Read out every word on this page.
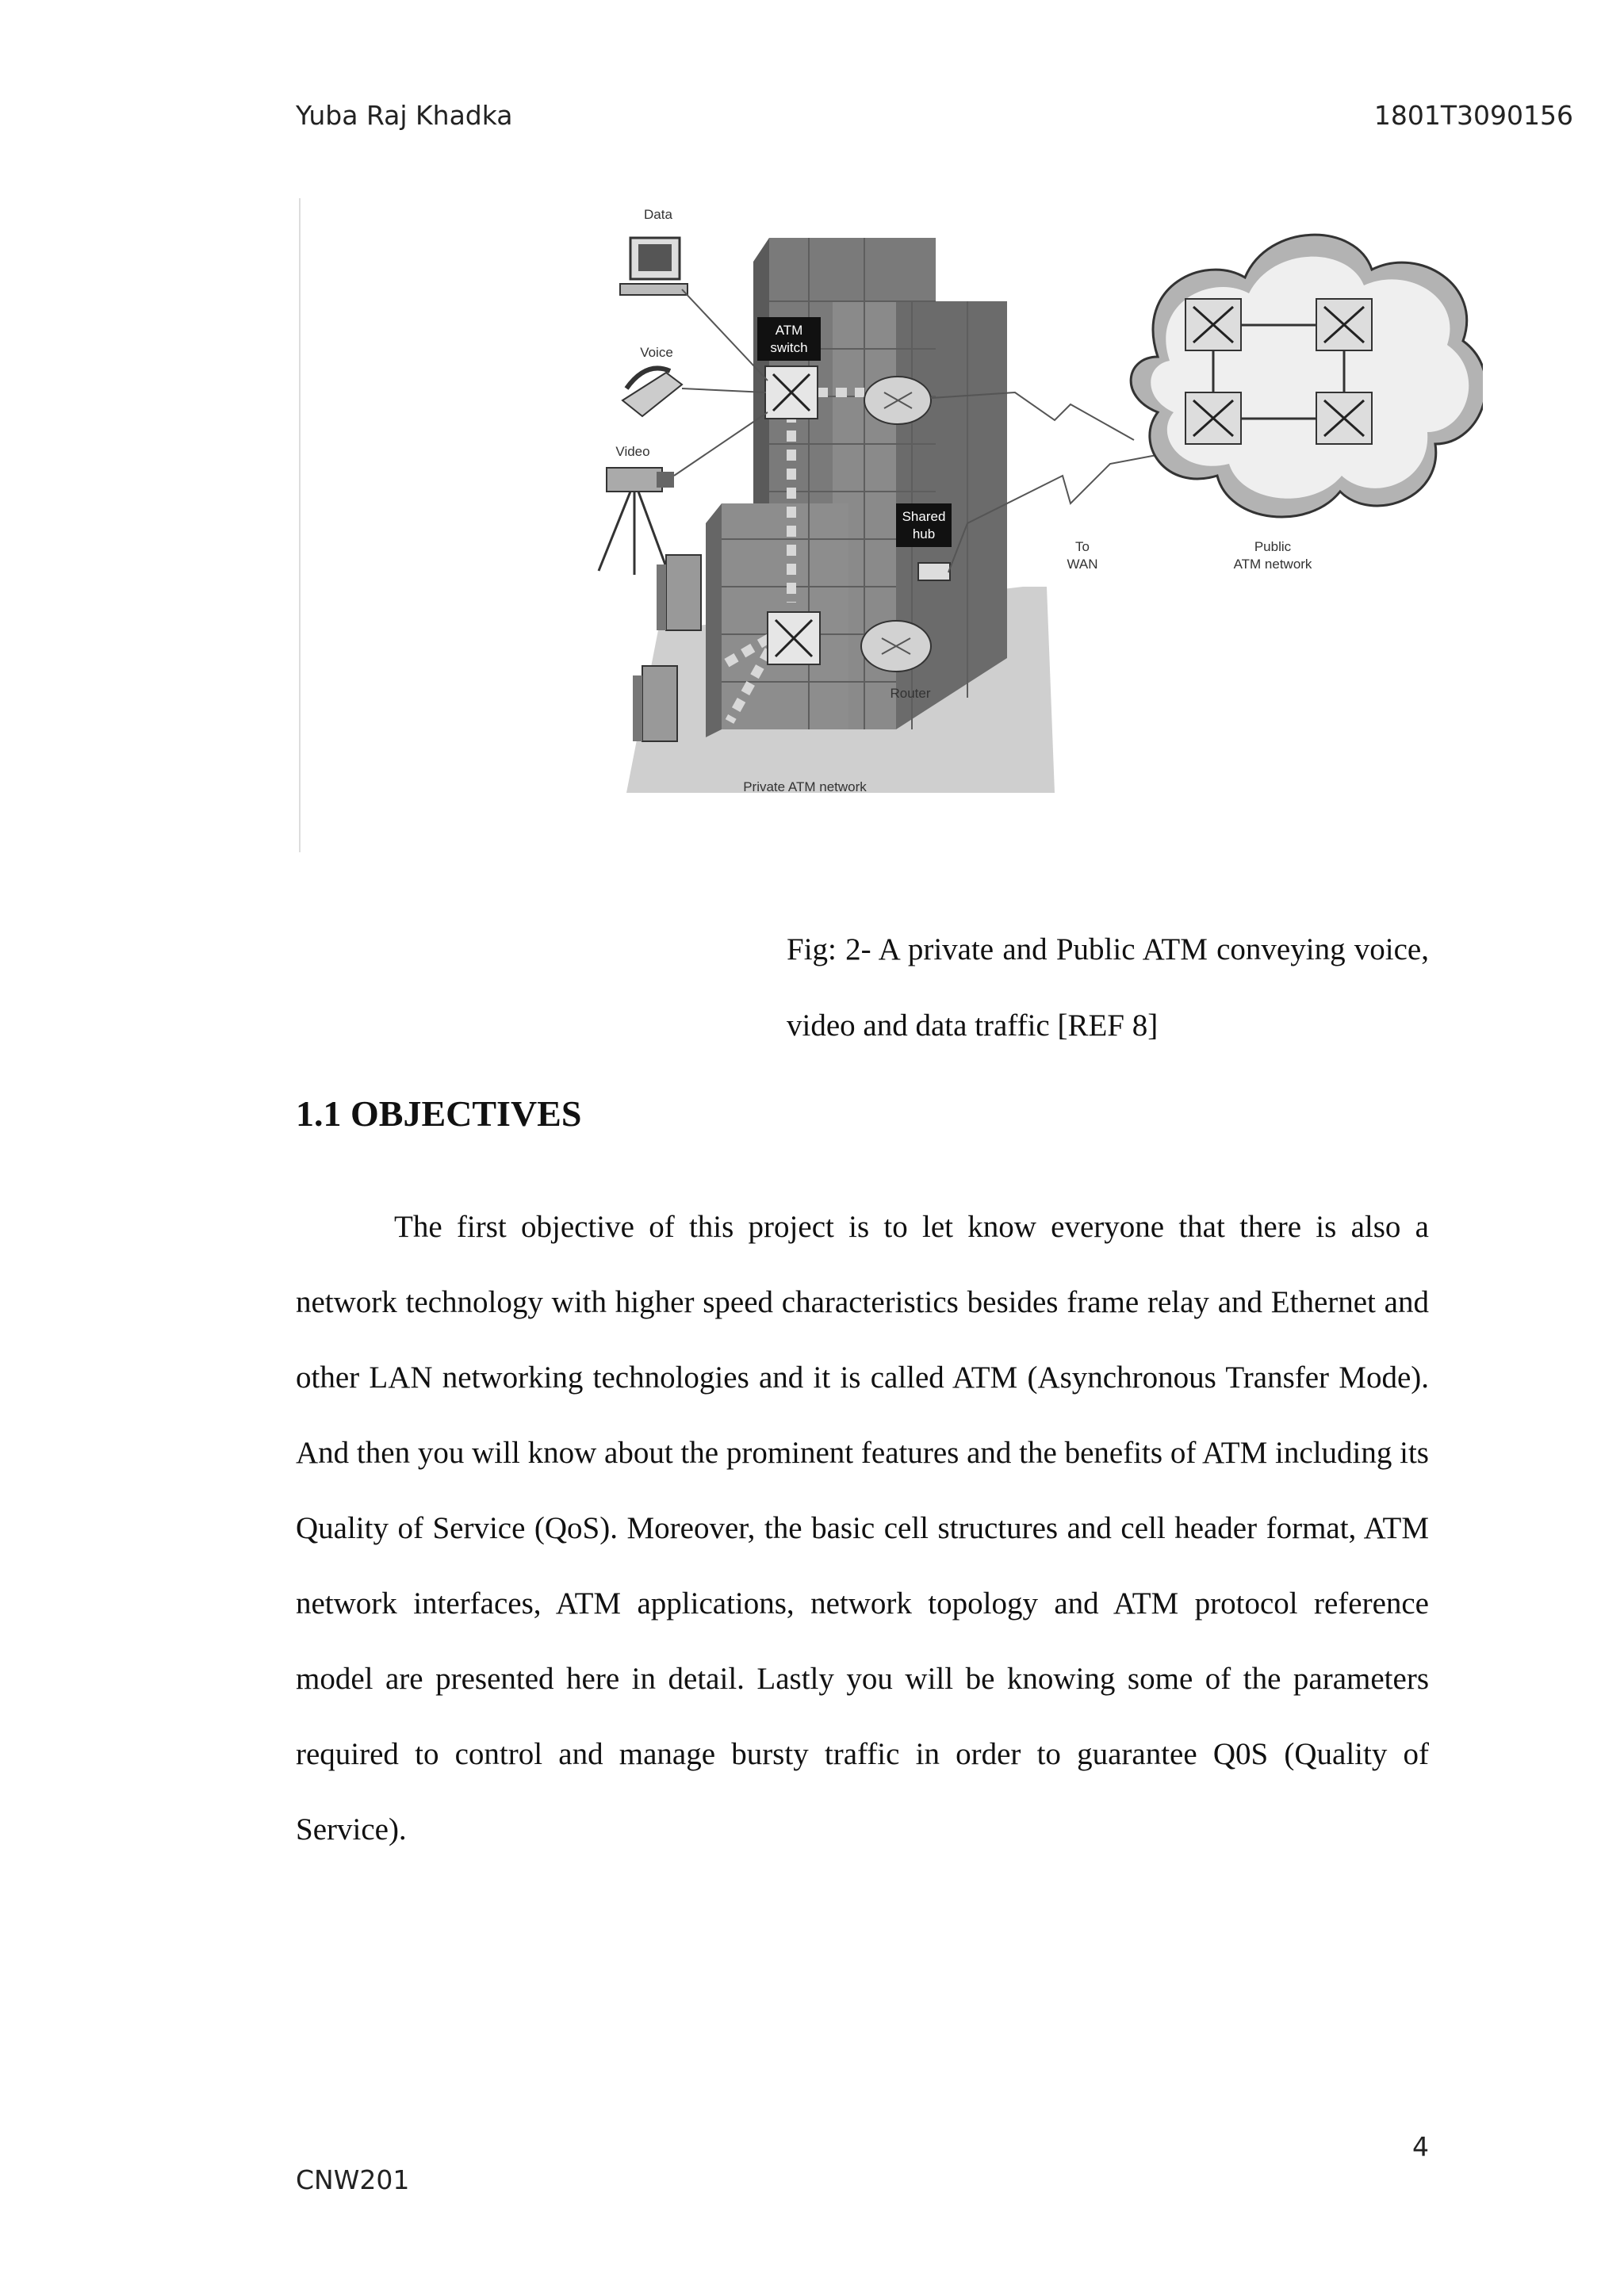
Yuba Raj Khadka	1801T3090156
ATM
switch
Router
Shared
hub
Data
Voice
Video
To
WAN
Public
ATM network
Private ATM network
Fig: 2- A private and Public ATM conveying voice, video and data traffic [REF 8]
1.1 OBJECTIVES

The first objective of this project is to let know everyone that there is also a network technology with higher speed characteristics besides frame relay and Ethernet and other LAN networking technologies and it is called ATM (Asynchronous Transfer Mode). And then you will know about the prominent features and the benefits of ATM including its Quality of Service (QoS). Moreover, the basic cell structures and cell header format, ATM network interfaces, ATM applications, network topology and ATM protocol reference model are presented here in detail. Lastly you will be knowing some of the parameters required to control and manage bursty traffic in order to guarantee Q0S (Quality of Service).

4
CNW201
